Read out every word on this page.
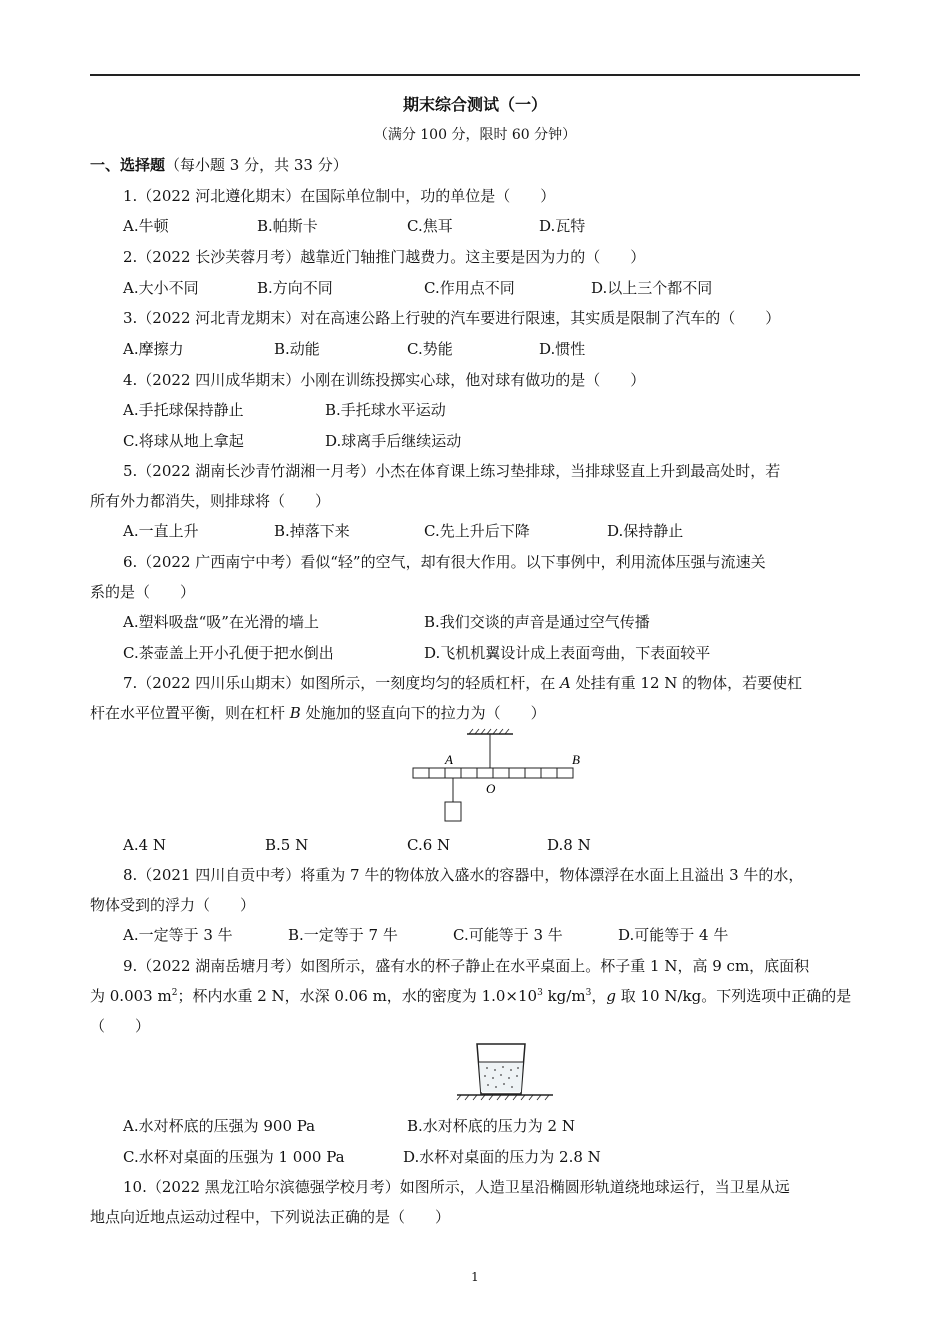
期末综合测试（一）
（满分 100 分，限时 60 分钟）
一、选择题（每小题 3 分，共 33 分）
1.（2022 河北遵化期末）在国际单位制中，功的单位是（　　）
A.牛顿	B.帕斯卡	C.焦耳	D.瓦特
2.（2022 长沙芙蓉月考）越靠近门轴推门越费力。这主要是因为力的（　　）
A.大小不同	B.方向不同	C.作用点不同	D.以上三个都不同
3.（2022 河北青龙期末）对在高速公路上行驶的汽车要进行限速，其实质是限制了汽车的（　　）
A.摩擦力	B.动能	C.势能	D.惯性
4.（2022 四川成华期末）小刚在训练投掷实心球，他对球有做功的是（　　）
A.手托球保持静止	B.手托球水平运动
C.将球从地上拿起	D.球离手后继续运动
5.（2022 湖南长沙青竹湖湘一月考）小杰在体育课上练习垫排球，当排球竖直上升到最高处时，若
所有外力都消失，则排球将（　　）
A.一直上升	B.掉落下来	C.先上升后下降	D.保持静止
6.（2022 广西南宁中考）看似“轻”的空气，却有很大作用。以下事例中，利用流体压强与流速关
系的是（　　）
A.塑料吸盘“吸”在光滑的墙上	B.我们交谈的声音是通过空气传播
C.茶壶盖上开小孔便于把水倒出	D.飞机机翼设计成上表面弯曲，下表面较平
7.（2022 四川乐山期末）如图所示，一刻度均匀的轻质杠杆，在 A 处挂有重 12 N 的物体，若要使杠
杆在水平位置平衡，则在杠杆 B 处施加的竖直向下的拉力为（　　）
A	B
O
A.4 N	B.5 N	C.6 N	D.8 N
8.（2021 四川自贡中考）将重为 7 牛的物体放入盛水的容器中，物体漂浮在水面上且溢出 3 牛的水，
物体受到的浮力（　　）
A.一定等于 3 牛	B.一定等于 7 牛	C.可能等于 3 牛	D.可能等于 4 牛
9.（2022 湖南岳塘月考）如图所示，盛有水的杯子静止在水平桌面上。杯子重 1 N，高 9 cm，底面积
为 0.003 $m^2$；杯内水重 2 N，水深 0.06 m，水的密度为 $1.0\times 10^3$ $kg/m^3$，g 取 10 N/kg。下列选项中正确的是
（　　）
A.水对杯底的压强为 900 Pa	B.水对杯底的压力为 2 N
C.水杯对桌面的压强为 1 000 Pa	D.水杯对桌面的压力为 2.8 N
10.（2022 黑龙江哈尔滨德强学校月考）如图所示，人造卫星沿椭圆形轨道绕地球运行，当卫星从远
地点向近地点运动过程中，下列说法正确的是（　　）
1
